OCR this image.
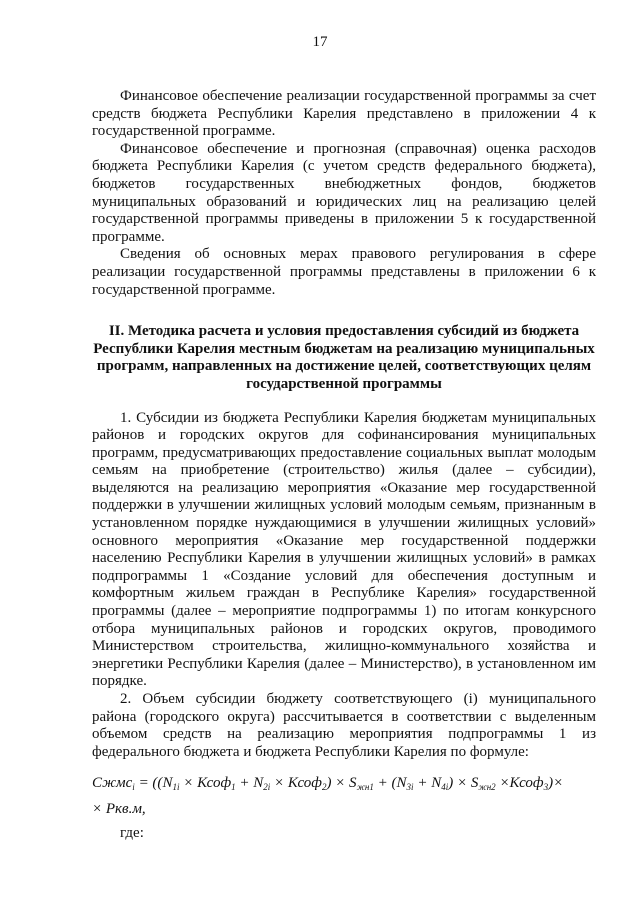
17

Финансовое обеспечение реализации государственной программы за счет средств бюджета Республики Карелия представлено в приложении 4 к государственной программе.

Финансовое обеспечение и прогнозная (справочная) оценка расходов бюджета Республики Карелия (с учетом средств федерального бюджета), бюджетов государственных внебюджетных фондов, бюджетов муниципальных образований и юридических лиц на реализацию целей государственной программы приведены в приложении 5 к государственной программе.

Сведения об основных мерах правового регулирования в сфере реализации государственной программы представлены в приложении 6 к государственной программе.

II. Методика расчета и условия предоставления субсидий из бюджета Республики Карелия местным бюджетам на реализацию муниципальных программ, направленных на достижение целей, соответствующих целям государственной программы

1. Субсидии из бюджета Республики Карелия бюджетам муниципальных районов и городских округов для софинансирования муниципальных программ, предусматривающих предоставление социальных выплат молодым семьям на приобретение (строительство) жилья (далее – субсидии), выделяются на реализацию мероприятия «Оказание мер государственной поддержки в улучшении жилищных условий молодым семьям, признанным в установленном порядке нуждающимися в улучшении жилищных условий» основного мероприятия «Оказание мер государственной поддержки населению Республики Карелия в улучшении жилищных условий» в рамках подпрограммы 1 «Создание условий для обеспечения доступным и комфортным жильем граждан в Республике Карелия» государственной программы (далее – мероприятие подпрограммы 1) по итогам конкурсного отбора муниципальных районов и городских округов, проводимого Министерством строительства, жилищно-коммунального хозяйства и энергетики Республики Карелия (далее – Министерство), в установленном им порядке.

2. Объем субсидии бюджету соответствующего (i) муниципального района (городского округа) рассчитывается в соответствии с выделенным объемом средств на реализацию мероприятия подпрограммы 1 из федерального бюджета и бюджета Республики Карелия по формуле:

Сжмс$_i$ = (($N_{1i}$ × Ксоф$_1$ + $N_{2i}$ × Ксоф$_2$) × $S_{жн1} + (N_{3i} + N_{4i}) \times S_{жн2}$ ×Ксоф$_3$)×
× Ркв.м,
где:
